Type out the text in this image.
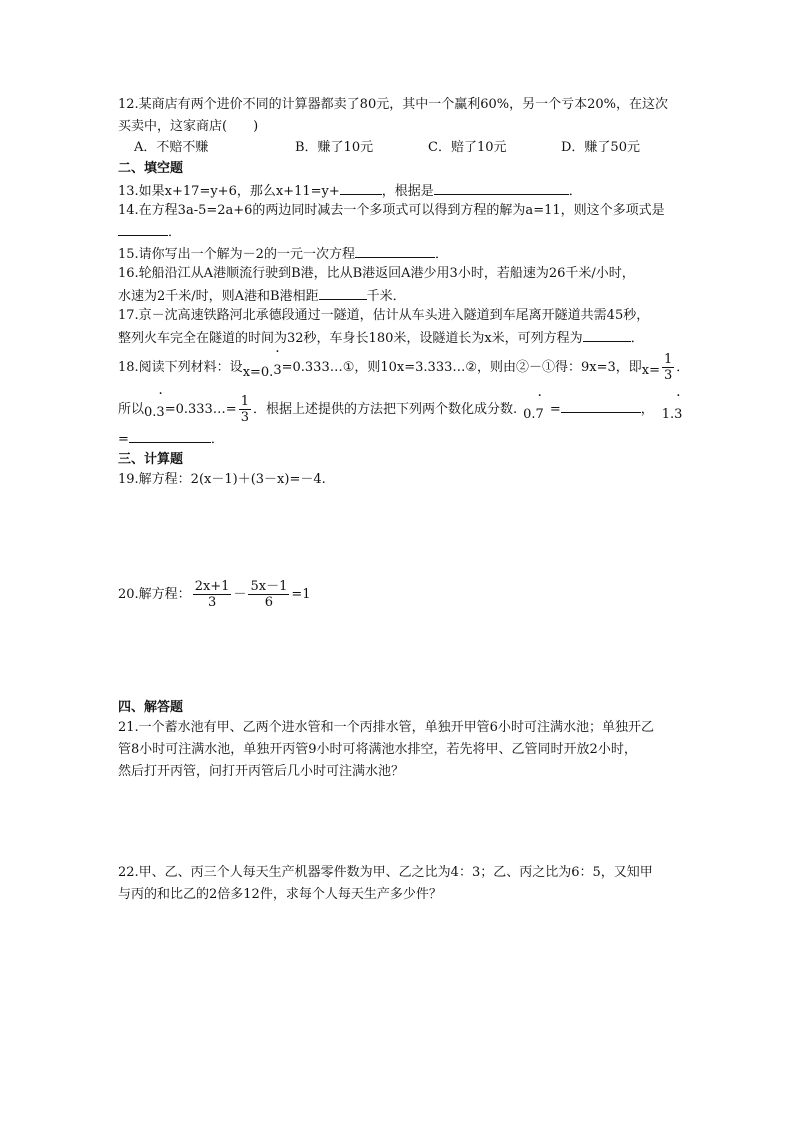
12.某商店有两个进价不同的计算器都卖了80元，其中一个赢利60%，另一个亏本20%，在这次
买卖中，这家商店(　　)
A．不赔不赚	B．赚了10元	C．赔了10元	D．赚了50元
二、填空题
13.如果x+17=y+6，那么x+11=y+	，根据是	．
14.在方程3a-5=2a+6的两边同时减去一个多项式可以得到方程的解为a=11，则这个多项式是
．
15.请你写出一个解为－2的一元一次方程	．
16.轮船沿江从A港顺流行驶到B港，比从B港返回A港少用3小时，若船速为26千米/小时，
水速为2千米/时，则A港和B港相距	千米．
17.京－沈高速铁路河北承德段通过一隧道，估计从车头进入隧道到车尾离开隧道共需45秒，
整列火车完全在隧道的时间为32秒，车身长180米，设隧道长为x米，可列方程为	．
18.阅读下列材料：设x=0.· 3=0.333…①，则10x=3.333…②，则由②－①得：9x=3，即$x= \frac{1}{3}$ ．
所以0.· 3=0.333…= $\frac{1}{3}$ ．根据上述提供的方法把下列两个数化成分数. 0.· 7 =	， 1.· 3
=	．
三、计算题
19.解方程：2(x－1)＋(3－x)=－4.
20.解方程： $\frac{2x+1}{3} - \frac{5x-1}{6} =1$
四、解答题
21.一个蓄水池有甲、乙两个进水管和一个丙排水管，单独开甲管6小时可注满水池；单独开乙
管8小时可注满水池，单独开丙管9小时可将满池水排空，若先将甲、乙管同时开放2小时，
然后打开丙管，问打开丙管后几小时可注满水池？
22.甲、乙、丙三个人每天生产机器零件数为甲、乙之比为4：3；乙、丙之比为6：5，又知甲
与丙的和比乙的2倍多12件，求每个人每天生产多少件？
